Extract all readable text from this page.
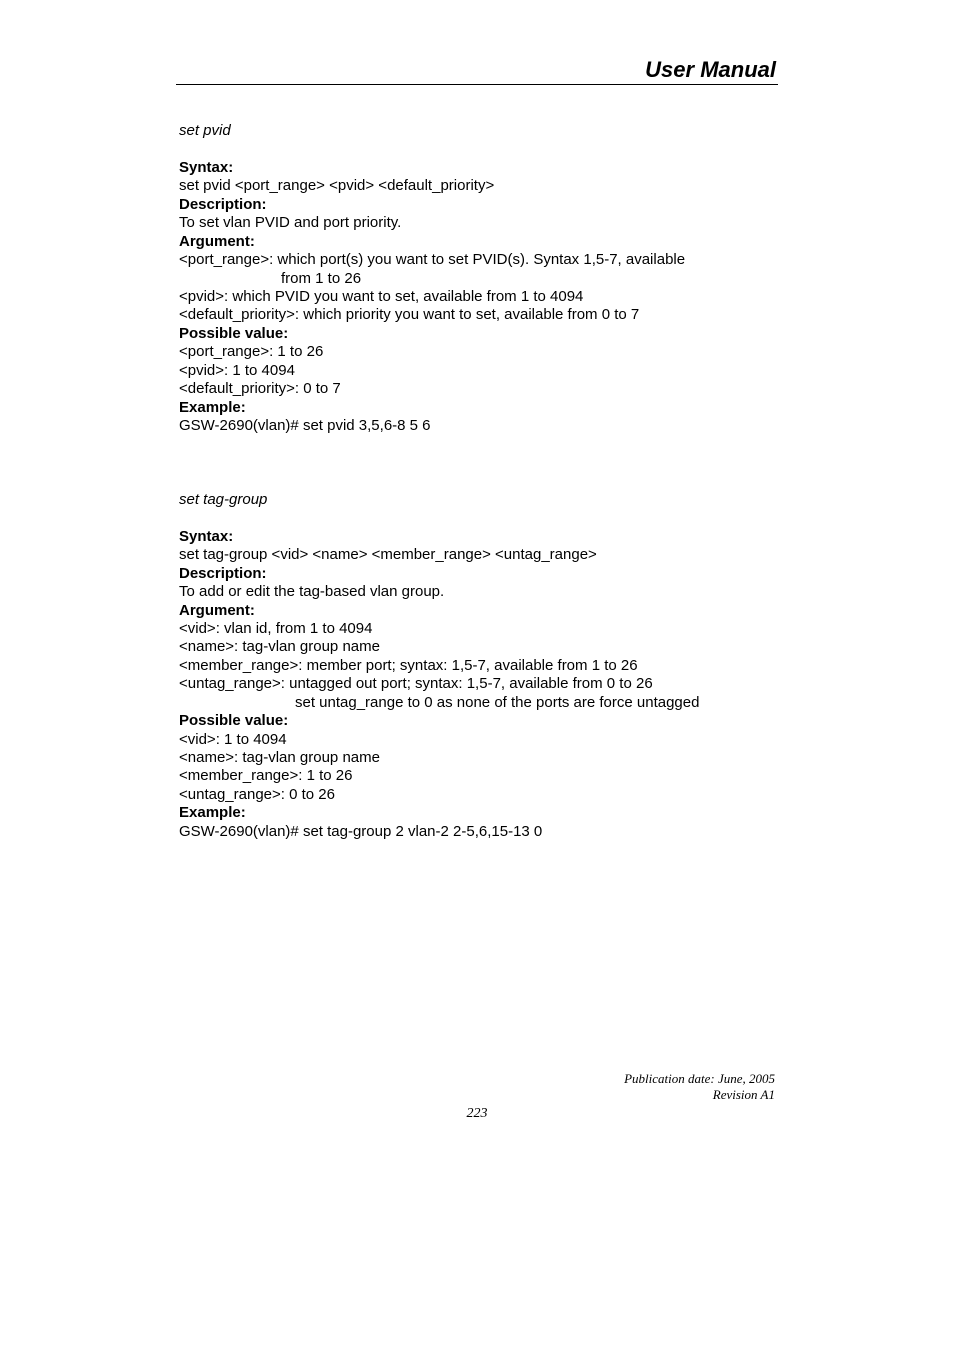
User Manual
set pvid
Syntax:
set pvid <port_range> <pvid> <default_priority>
Description:
To set vlan PVID and port priority.
Argument:
<port_range>: which port(s) you want to set PVID(s). Syntax 1,5-7, available
from 1 to 26
<pvid>: which PVID you want to set, available from 1 to 4094
<default_priority>: which priority you want to set, available from 0 to 7
Possible value:
<port_range>: 1 to 26
<pvid>: 1 to 4094
<default_priority>: 0 to 7
Example:
GSW-2690(vlan)# set pvid 3,5,6-8 5 6
set tag-group
Syntax:
set tag-group <vid> <name> <member_range> <untag_range>
Description:
To add or edit the tag-based vlan group.
Argument:
<vid>: vlan id, from 1 to 4094
<name>: tag-vlan group name
<member_range>: member port; syntax: 1,5-7, available from 1 to 26
<untag_range>: untagged out port; syntax: 1,5-7, available from 0 to 26
set untag_range to 0 as none of the ports are force untagged
Possible value:
<vid>: 1 to 4094
<name>: tag-vlan group name
<member_range>: 1 to 26
<untag_range>: 0 to 26
Example:
GSW-2690(vlan)# set tag-group 2 vlan-2 2-5,6,15-13 0
Publication date: June, 2005
Revision A1
223
